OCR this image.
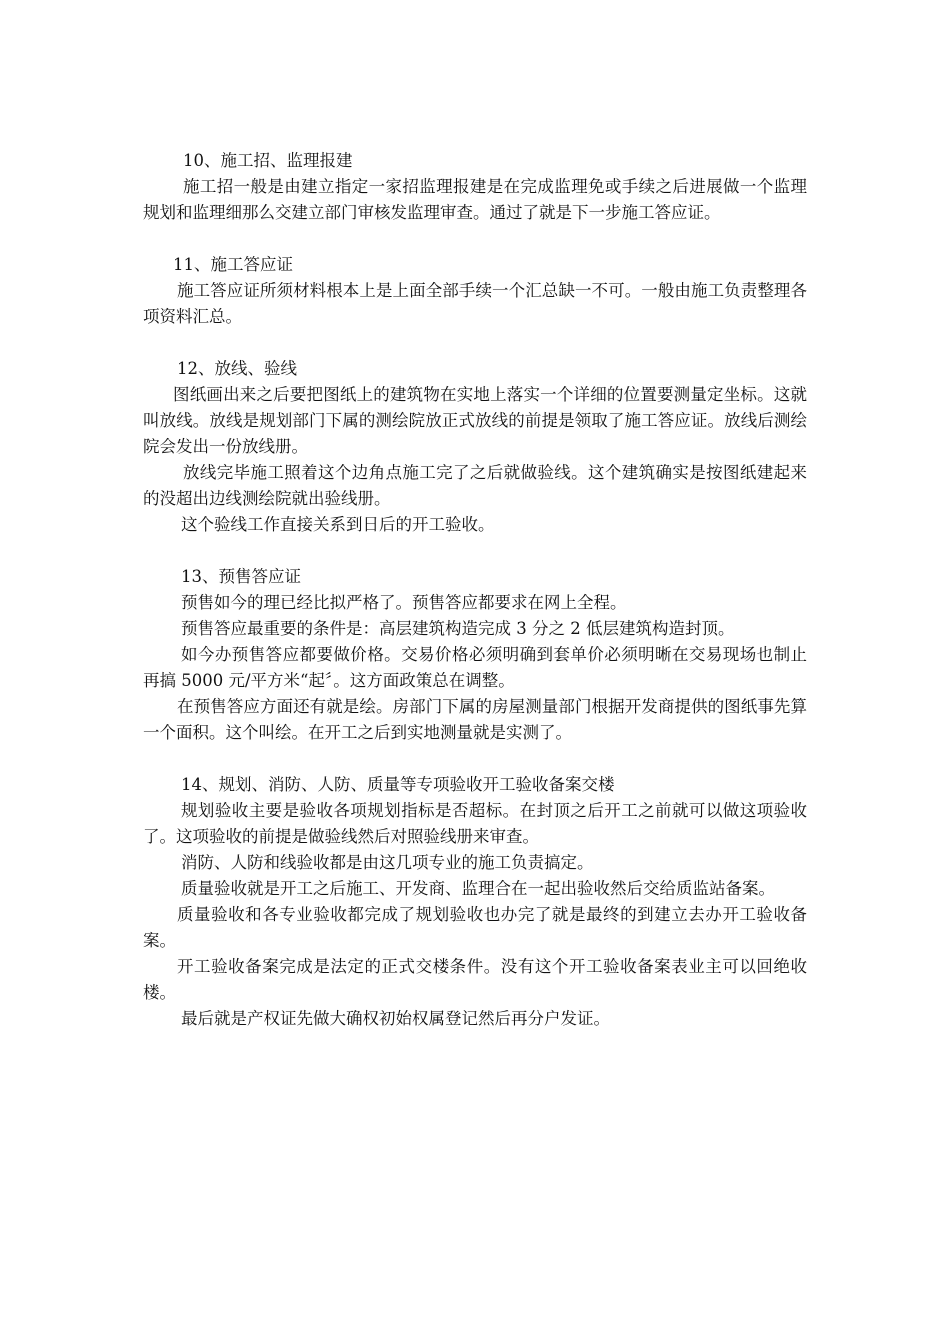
10、施工招、监理报建

施工招一般是由建立指定一家招监理报建是在完成监理免或手续之后进展做一个监理规划和监理细那么交建立部门审核发监理审查。通过了就是下一步施工答应证。

11、施工答应证

施工答应证所须材料根本上是上面全部手续一个汇总缺一不可。一般由施工负责整理各项资料汇总。

12、放线、验线

图纸画出来之后要把图纸上的建筑物在实地上落实一个详细的位置要测量定坐标。这就叫放线。放线是规划部门下属的测绘院放正式放线的前提是领取了施工答应证。放线后测绘院会发出一份放线册。

放线完毕施工照着这个边角点施工完了之后就做验线。这个建筑确实是按图纸建起来的没超出边线测绘院就出验线册。

这个验线工作直接关系到日后的开工验收。

13、预售答应证

预售如今的理已经比拟严格了。预售答应都要求在网上全程。

预售答应最重要的条件是：高层建筑构造完成 3 分之 2 低层建筑构造封顶。

如今办预售答应都要做价格。交易价格必须明确到套单价必须明晰在交易现场也制止再搞 5000 元/平方米“起〞。这方面政策总在调整。

在预售答应方面还有就是绘。房部门下属的房屋测量部门根据开发商提供的图纸事先算一个面积。这个叫绘。在开工之后到实地测量就是实测了。

14、规划、消防、人防、质量等专项验收开工验收备案交楼

规划验收主要是验收各项规划指标是否超标。在封顶之后开工之前就可以做这项验收了。这项验收的前提是做验线然后对照验线册来审查。

消防、人防和线验收都是由这几项专业的施工负责搞定。

质量验收就是开工之后施工、开发商、监理合在一起出验收然后交给质监站备案。

质量验收和各专业验收都完成了规划验收也办完了就是最终的到建立去办开工验收备案。

开工验收备案完成是法定的正式交楼条件。没有这个开工验收备案表业主可以回绝收楼。

最后就是产权证先做大确权初始权属登记然后再分户发证。
